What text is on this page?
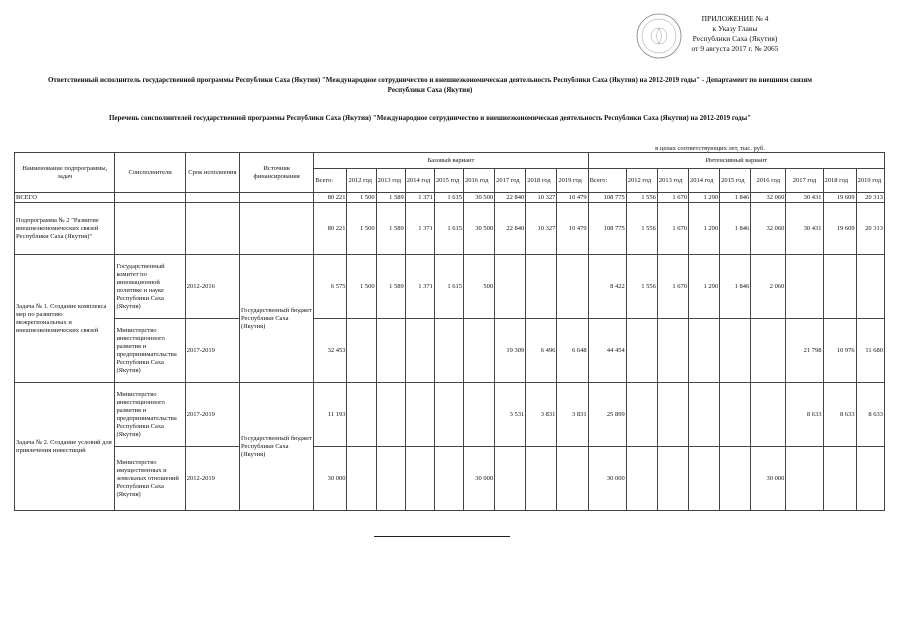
ПРИЛОЖЕНИЕ № 4
к Указу Главы
Республики Саха (Якутия)
от 9 августа 2017 г. № 2065
Ответственный исполнитель государственной программы Республики Саха (Якутия) "Международное сотрудничество и внешнеэкономическая деятельность Республики Саха (Якутия) на 2012-2019 годы" - Департамент по внешним связям Республики Саха (Якутия)
Перечень соисполнителей государственной программы Республики Саха (Якутия) "Международное сотрудничество и внешнеэкономическая деятельность Республики Саха (Якутия) на 2012-2019 годы"
в ценах соответствующих лет, тыс. руб.
Наименование подпрограммы, задач	Соисполнители	Срок исполнения	Источник финансирования	Базовый вариант									Интенсивный вариант								
				Всего:	2012 год	2013 год	2014 год	2015 год	2016 год	2017 год	2018 год	2019 год	Всего:	2012 год	2013 год	2014 год	2015 год	2016 год	2017 год	2018 год	2019 год
ВСЕГО				80 221	1 500	1 589	1 371	1 615	30 500	22 840	10 327	10 479	108 775	1 556	1 670	1 290	1 846	32 060	30 431	19 609	20 313
Подпрограмма № 2 "Развитие внешнеэкономических связей Республики Саха (Якутия)"				80 221	1 500	1 589	1 371	1 615	30 500	22 840	10 327	10 479	108 775	1 556	1 670	1 290	1 846	32 060	30 431	19 609	20 313
Задача № 1. Создание комплекса мер по развитию межрегиональных и внешнеэкономических связей	Государственный комитет по инновационной политике и науке Республики Саха (Якутия)	2012-2016	Государственный бюджет Республики Саха (Якутия)	6 575	1 500	1 589	1 371	1 615	500				8 422	1 556	1 670	1 290	1 846	2 060			
	Министерство инвестиционного развития и предпринимательства Республики Саха (Якутия)	2017-2019		32 453						19 309	6 496	6 648	44 454						21 798	10 976	11 680
Задача № 2. Создание условий для привлечения инвестиций	Министерство инвестиционного развития и предпринимательства Республики Саха (Якутия)	2017-2019	Государственный бюджет Республики Саха (Якутия)	11 193						3 531	3 831	3 831	25 899						8 633	8 633	8 633
	Министерство имущественных и земельных отношений Республики Саха (Якутия)	2012-2019		30 000					30 000				30 000					30 000			
